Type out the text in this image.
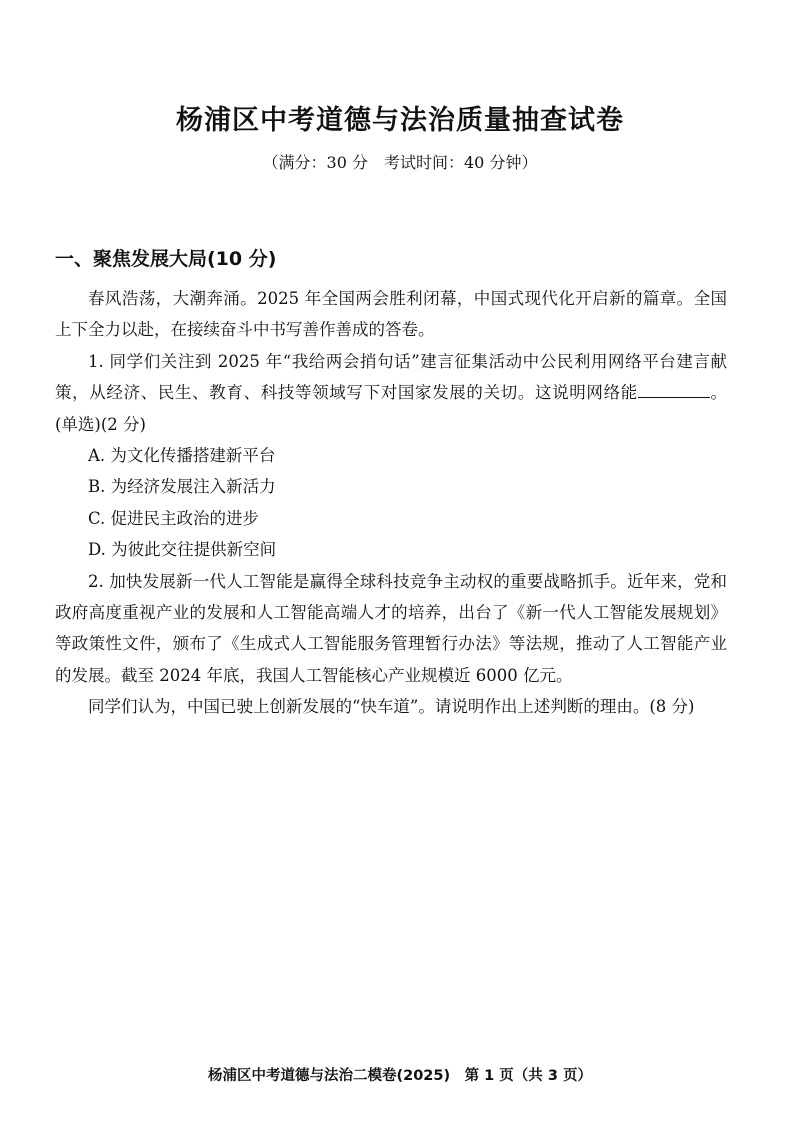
杨浦区中考道德与法治质量抽查试卷

（满分：30 分　考试时间：40 分钟）

一、聚焦发展大局(10 分)

春风浩荡，大潮奔涌。2025 年全国两会胜利闭幕，中国式现代化开启新的篇章。全国上下全力以赴，在接续奋斗中书写善作善成的答卷。

1. 同学们关注到 2025 年“我给两会捎句话”建言征集活动中公民利用网络平台建言献策，从经济、民生、教育、科技等领域写下对国家发展的关切。这说明网络能	。(单选)(2 分)

A. 为文化传播搭建新平台

B. 为经济发展注入新活力

C. 促进民主政治的进步

D. 为彼此交往提供新空间

2. 加快发展新一代人工智能是赢得全球科技竞争主动权的重要战略抓手。近年来，党和政府高度重视产业的发展和人工智能高端人才的培养，出台了《新一代人工智能发展规划》等政策性文件，颁布了《生成式人工智能服务管理暂行办法》等法规，推动了人工智能产业的发展。截至 2024 年底，我国人工智能核心产业规模近 6000 亿元。

同学们认为，中国已驶上创新发展的“快车道”。请说明作出上述判断的理由。(8 分)

杨浦区中考道德与法治二模卷(2025)　第 1 页（共 3 页）
